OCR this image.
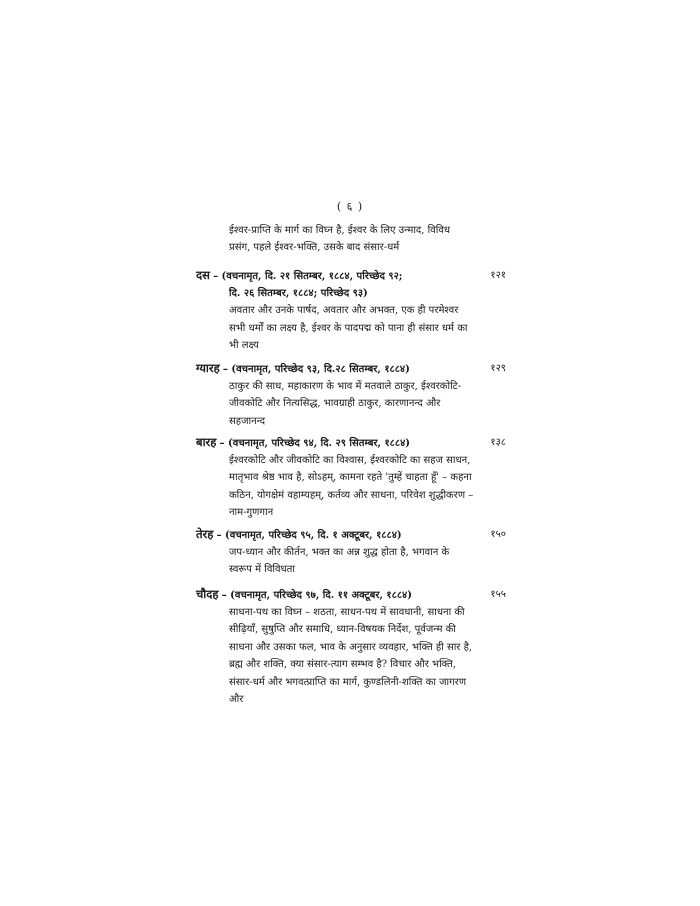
( ६ )
ईश्वर-प्राप्ति के मार्ग का विघ्न है, ईश्वर के लिए उन्माद, विविध प्रसंग, पहले ईश्वर-भक्ति, उसके बाद संसार-धर्म
दस – (वचनामृत, दि. २१ सितम्बर, १८८४, परिच्छेद ९२;	१२१
दि. २६ सितम्बर, १८८४; परिच्छेद ९३)
अवतार और उनके पार्षद, अवतार और अभक्त, एक ही परमेश्वर सभी धर्मों का लक्ष्य है, ईश्वर के पादपद्म को पाना ही संसार धर्म का भी लक्ष्य
ग्यारह – (वचनामृत, परिच्छेद ९३, दि.२८ सितम्बर, १८८४)	१२९
ठाकुर की साध, महाकारण के भाव में मतवाले ठाकुर, ईश्वरकोटि-जीवकोटि और नित्यसिद्ध, भावग्राही ठाकुर, कारणानन्द और सहजानन्द
बारह – (वचनामृत, परिच्छेद ९४, दि. २९ सितम्बर, १८८४)	१३८
ईश्वरकोटि और जीवकोटि का विश्वास, ईश्वरकोटि का सहज साधन, मातृभाव श्रेष्ठ भाव है, सोऽहम्, कामना रहते 'तुम्हें चाहता हूँ' – कहना कठिन, योगक्षेमं वहाम्यहम्, कर्तव्य और साधना, परिवेश शुद्धीकरण – नाम-गुणगान
तेरह – (वचनामृत, परिच्छेद ९५, दि. १ अक्टूबर, १८८४)	१५०
जप-ध्यान और कीर्तन, भक्त का अन्न शुद्ध होता है, भगवान के स्वरूप में विविधता
चौदह – (वचनामृत, परिच्छेद ९७, दि. ११ अक्टूबर, १८८४)	१५५
साधना-पथ का विघ्न – शठता, साधन-पथ में सावधानी, साधना की सीढ़ियाँ, सुषुप्ति और समाधि, ध्यान-विषयक निर्देश, पूर्वजन्म की साधना और उसका फल, भाव के अनुसार व्यवहार, भक्ति ही सार है, ब्रह्म और शक्ति, क्या संसार-त्याग सम्भव है? विचार और भक्ति, संसार-धर्म और भगवत्प्राप्ति का मार्ग, कुण्डलिनी-शक्ति का जागरण और
